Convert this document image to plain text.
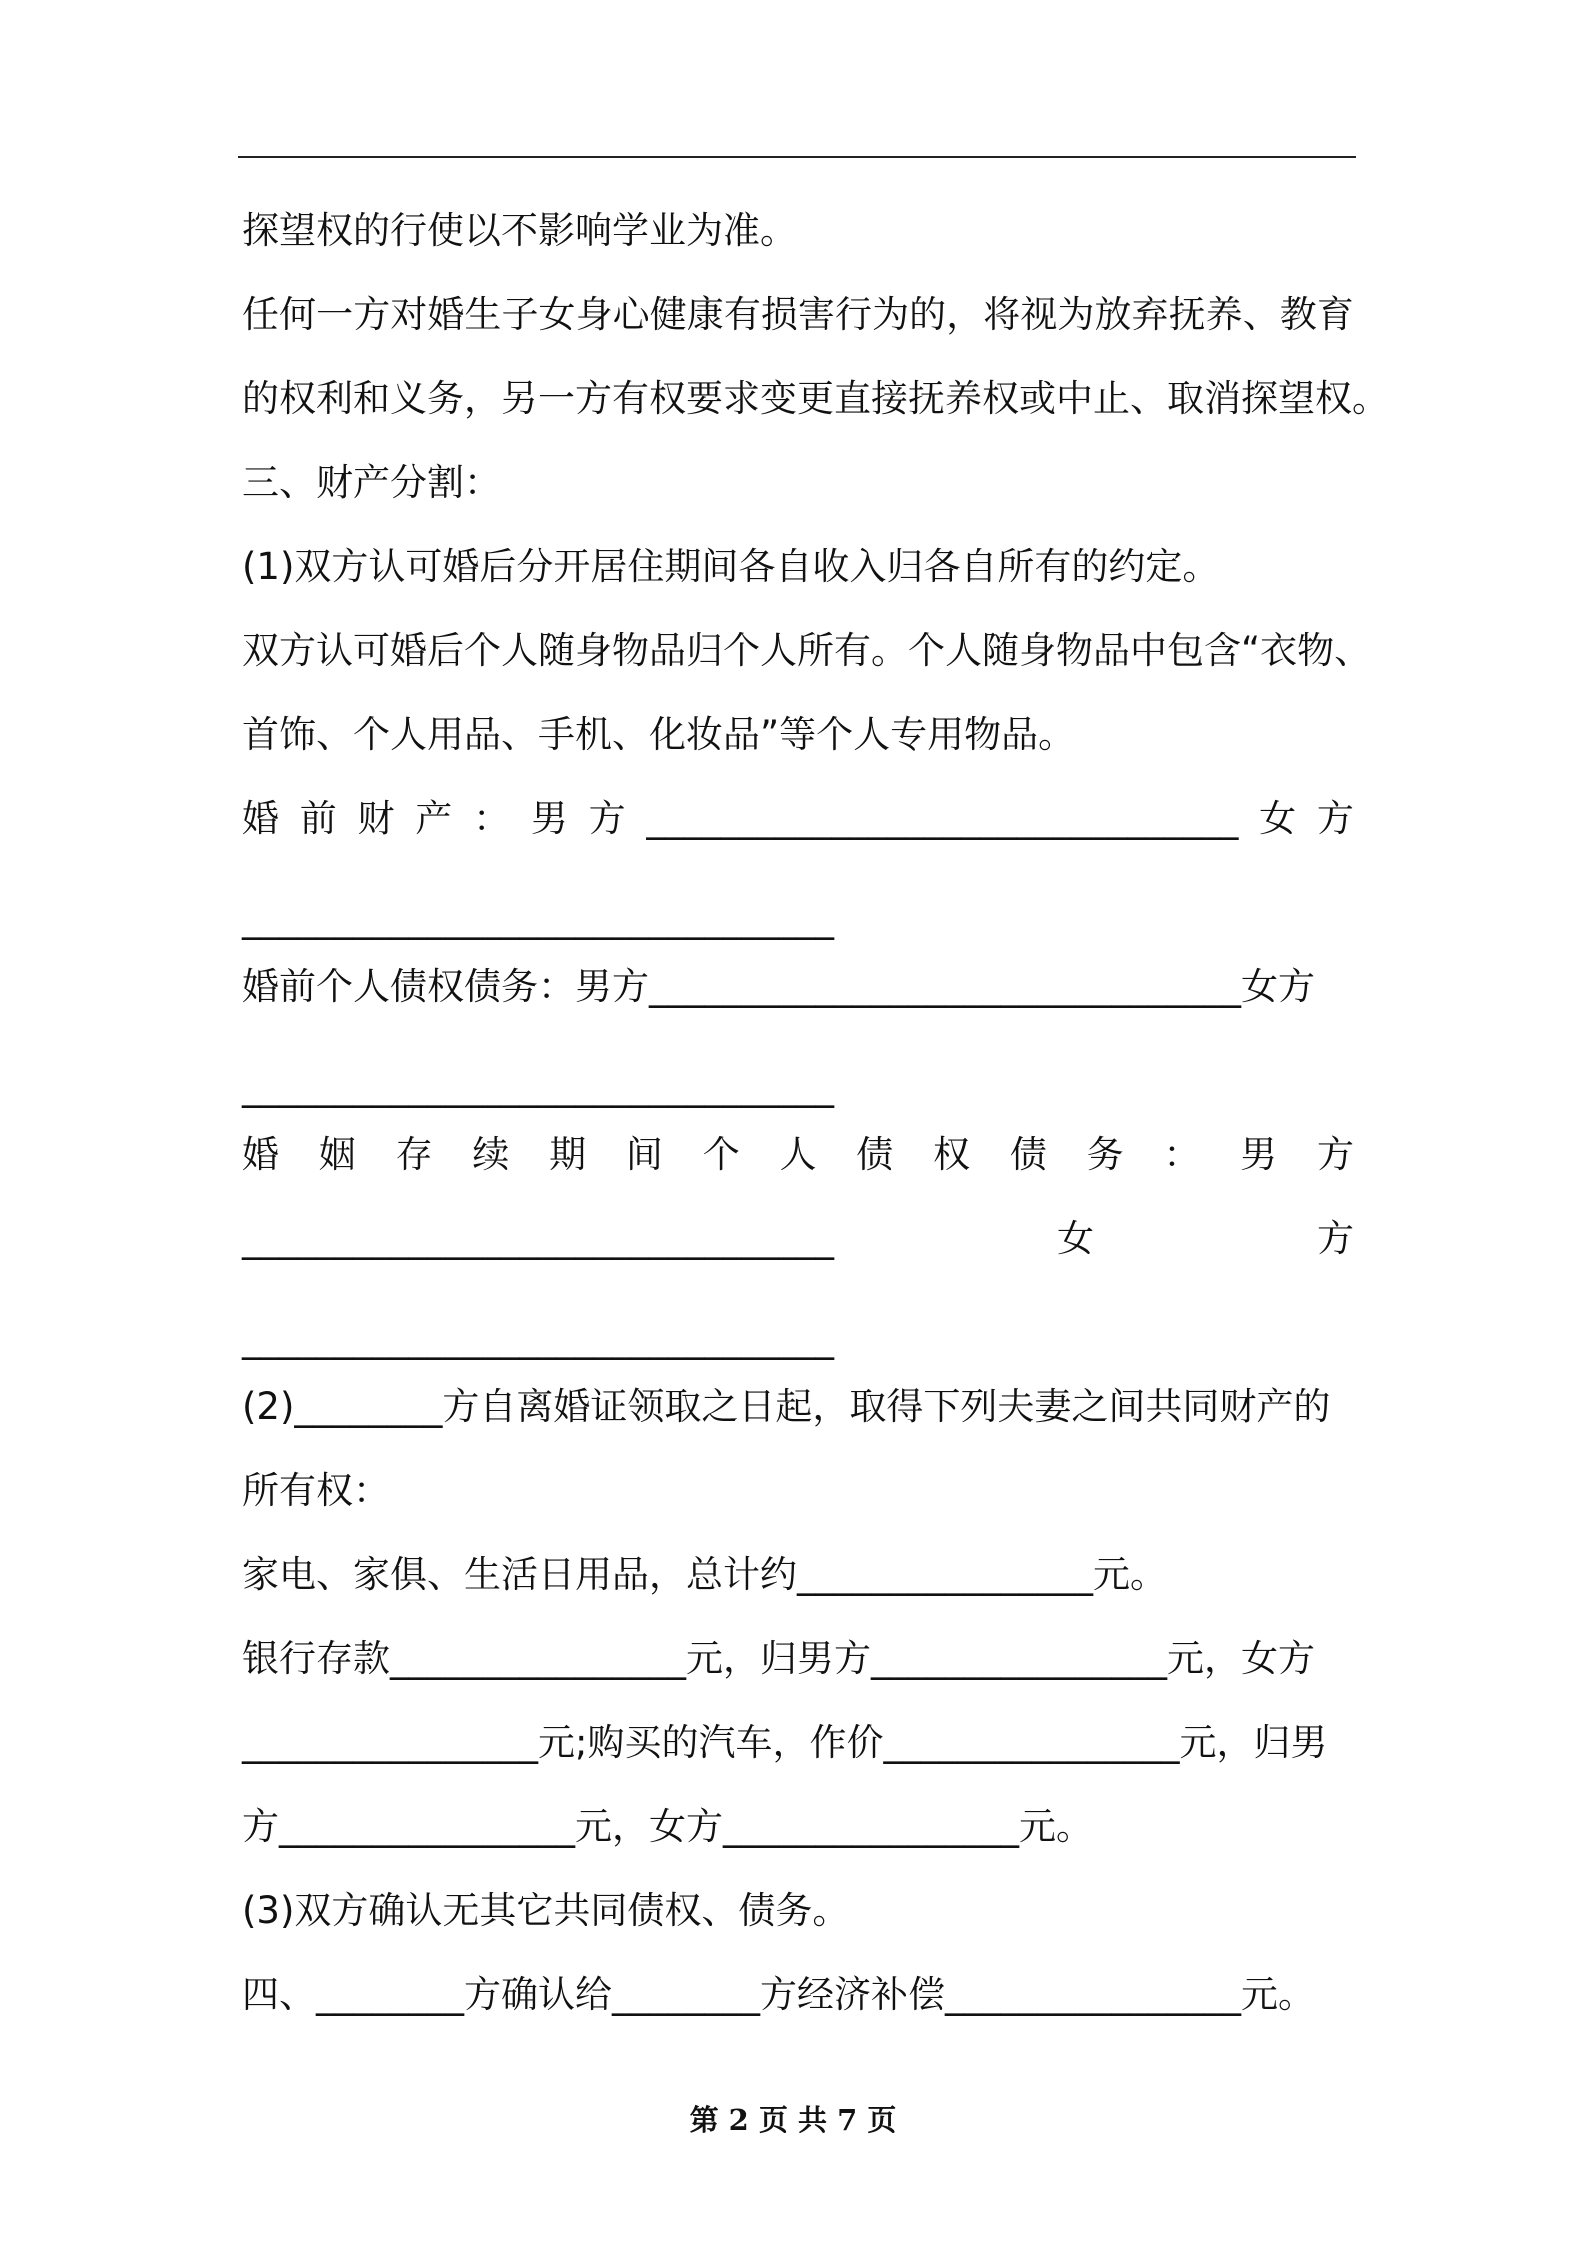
探望权的行使以不影响学业为准。
任 何 一 方 对 婚 生 子 女 身 心 健 康 有 损 害 行 为 的 ， 将 视 为 放 弃 抚 养 、 教 育
的权利和义务，另一方有权要求变更直接抚养权或中止、取消探望权。
三、财产分割：
(1)双方认可婚后分开居住期间各自收入归各自所有的约定。
双方认可婚后个人随身物品归个人所有。个人随身物品中包含“衣物、
首饰、个人用品、手机、化妆品”等个人专用物品。
婚 前 财 产 ： 男 方 ________________________________ 女 方
________________________________
婚前个人债权债务：男方________________________________女方
________________________________
婚 姻 存 续 期 间 个 人 债 权 债 务 ： 男 方
________________________________	女	方
________________________________
(2)________方自离婚证领取之日起，取得下列夫妻之间共同财产的
所有权：
家电、家俱、生活日用品，总计约________________元。
银行存款________________元，归男方________________元，女方
________________元;购买的汽车，作价________________元，归男
方________________元，女方________________元。
(3)双方确认无其它共同债权、债务。
四、________方确认给________方经济补偿________________元。
第 2 页 共 7 页
